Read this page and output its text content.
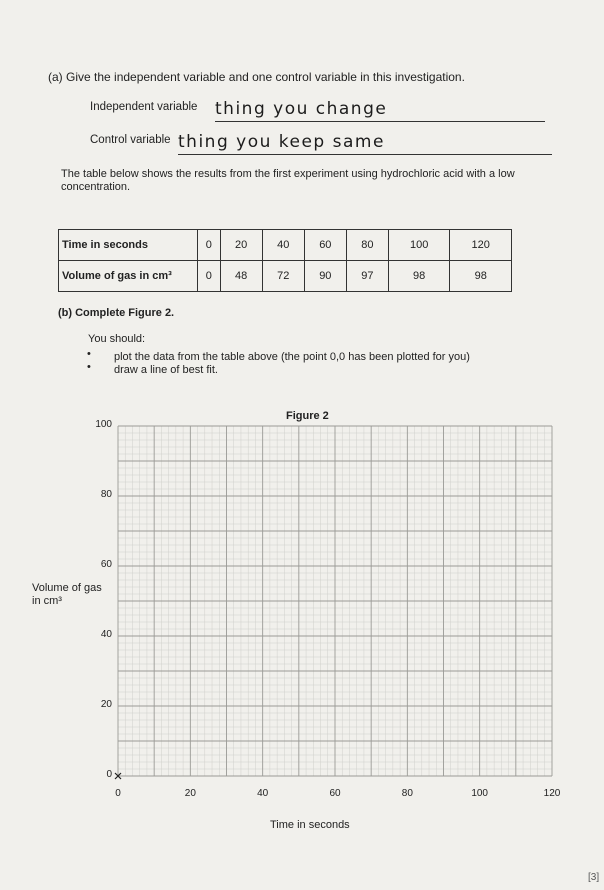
(a) Give the independent variable and one control variable in this investigation.
Independent variable thing you change
Control variable thing you keep same
The table below shows the results from the first experiment using hydrochloric acid with a low concentration.
Time in seconds	0	20	40	60	80	100	120
Volume of gas in cm³	0	48	72	90	97	98	98
(b) Complete Figure 2.
You should:
• plot the data from the table above (the point 0,0 has been plotted for you)
• draw a line of best fit.
Figure 2
0
20
40
60
80
100
0	20	40	60	80	100	120
Volume of gas in cm³
Time in seconds
[3]
